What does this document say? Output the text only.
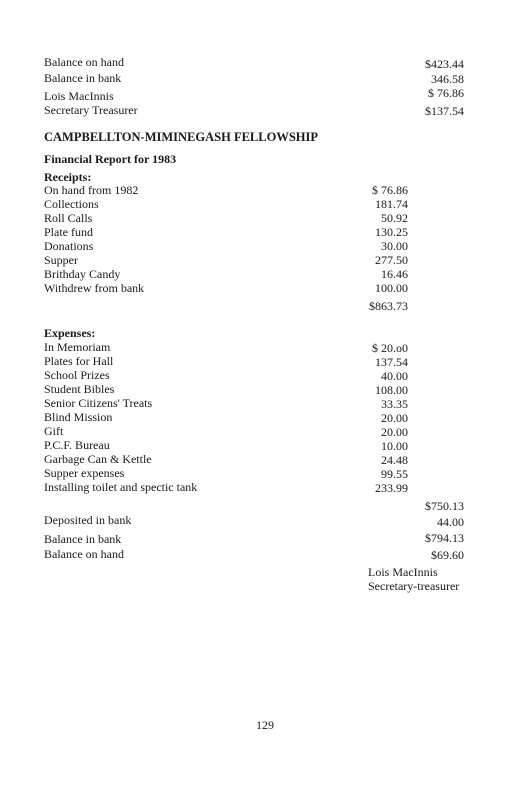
Balance on hand	$423.44
Balance in bank	346.58
Lois MacInnis	$ 76.86
Secretary Treasurer	$137.54
CAMPBELLTON-MIMINEGASH FELLOWSHIP
Financial Report for 1983
Receipts:
On hand from 1982	$ 76.86
Collections	181.74
Roll Calls	50.92
Plate fund	130.25
Donations	30.00
Supper	277.50
Brithday Candy	16.46
Withdrew from bank	100.00
$863.73
Expenses:
In Memoriam	$ 20.o0
Plates for Hall	137.54
School Prizes	40.00
Student Bibles	108.00
Senior Citizens' Treats	33.35
Blind Mission	20.00
Gift	20.00
P.C.F. Bureau	10.00
Garbage Can & Kettle	24.48
Supper expenses	99.55
Installing toilet and spectic tank	233.99
$750.13
Deposited in bank	44.00
Balance in bank	$794.13
Balance on hand	$69.60
Lois MacInnis
Secretary-treasurer
129
